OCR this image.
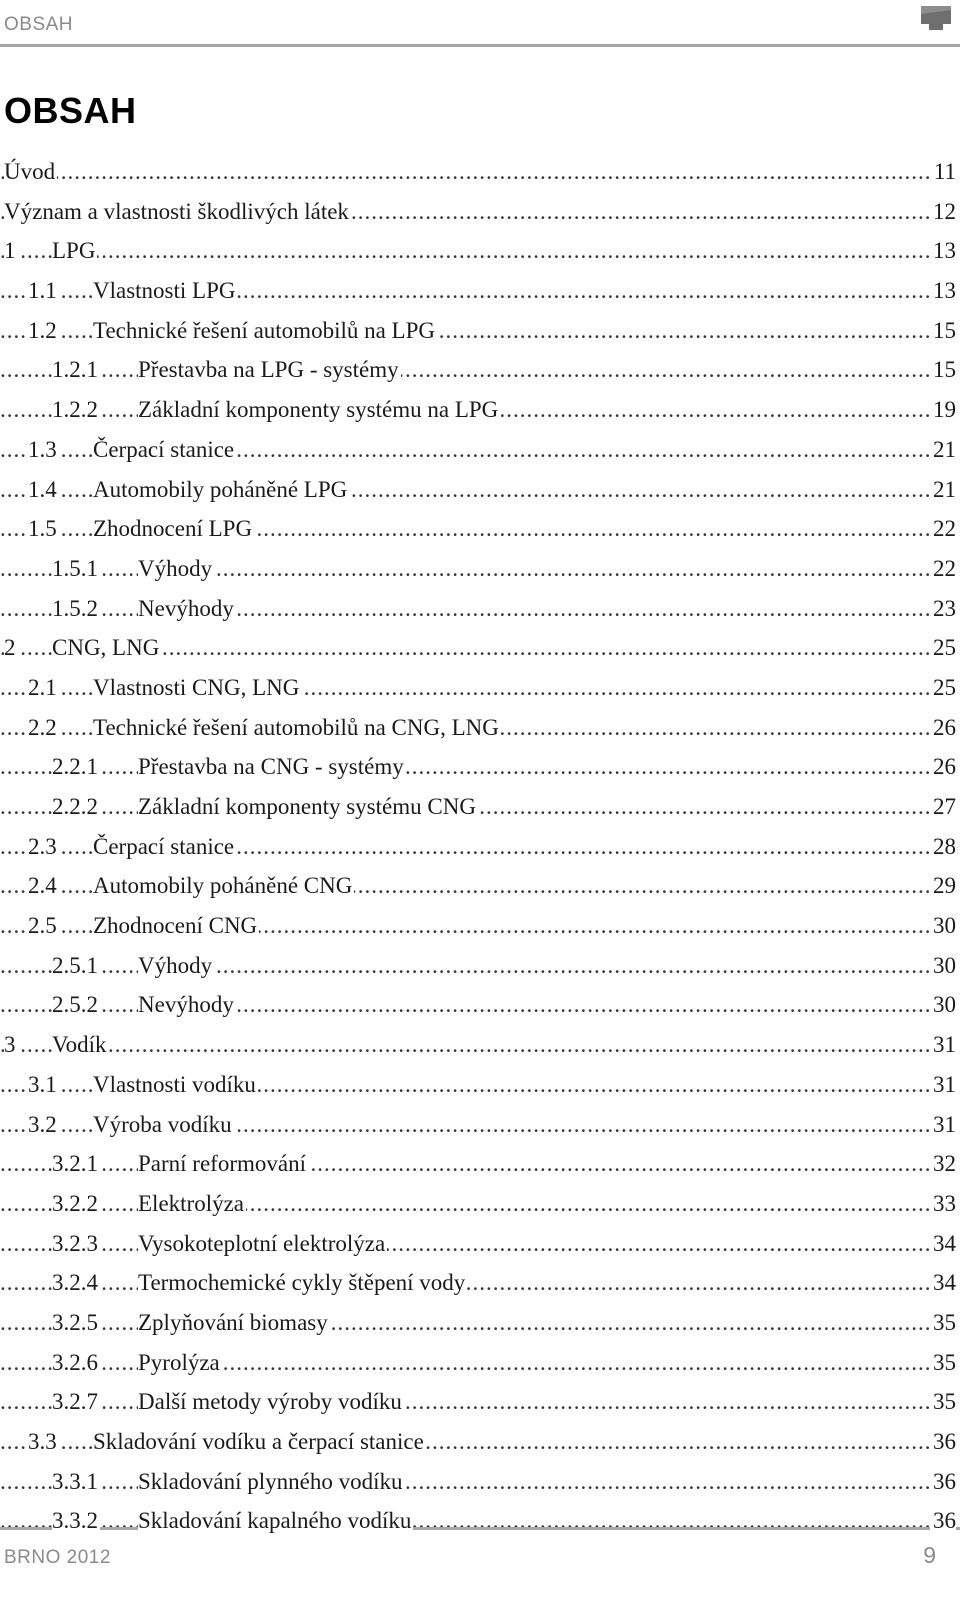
OBSAH
OBSAH
.....
Úvod	11
.....
Význam a vlastnosti škodlivých látek	12
.....
1 LPG	13
.....
1.1 Vlastnosti LPG	13
.....
1.2 Technické řešení automobilů na LPG	15
.....
1.2.1 Přestavba na LPG - systémy	15
.....
1.2.2 Základní komponenty systému na LPG	19
.....
1.3 Čerpací stanice	21
.....
1.4 Automobily poháněné LPG	21
.....
1.5 Zhodnocení LPG	22
.....
1.5.1 Výhody	22
.....
1.5.2 Nevýhody	23
.....
2 CNG, LNG	25
.....
2.1 Vlastnosti CNG, LNG	25
.....
2.2 Technické řešení automobilů na CNG, LNG	26
.....
2.2.1 Přestavba na CNG - systémy	26
.....
2.2.2 Základní komponenty systému CNG	27
.....
2.3 Čerpací stanice	28
.....
2.4 Automobily poháněné CNG	29
.....
2.5 Zhodnocení CNG	30
.....
2.5.1 Výhody	30
.....
2.5.2 Nevýhody	30
.....
3 Vodík	31
.....
3.1 Vlastnosti vodíku	31
.....
3.2 Výroba vodíku	31
.....
3.2.1 Parní reformování	32
.....
3.2.2 Elektrolýza	33
.....
3.2.3 Vysokoteplotní elektrolýza	34
.....
3.2.4 Termochemické cykly štěpení vody	34
.....
3.2.5 Zplyňování biomasy	35
.....
3.2.6 Pyrolýza	35
.....
3.2.7 Další metody výroby vodíku	35
.....
3.3 Skladování vodíku a čerpací stanice	36
.....
3.3.1 Skladování plynného vodíku	36
.....
3.3.2 Skladování kapalného vodíku	36
BRNO 2012	9
